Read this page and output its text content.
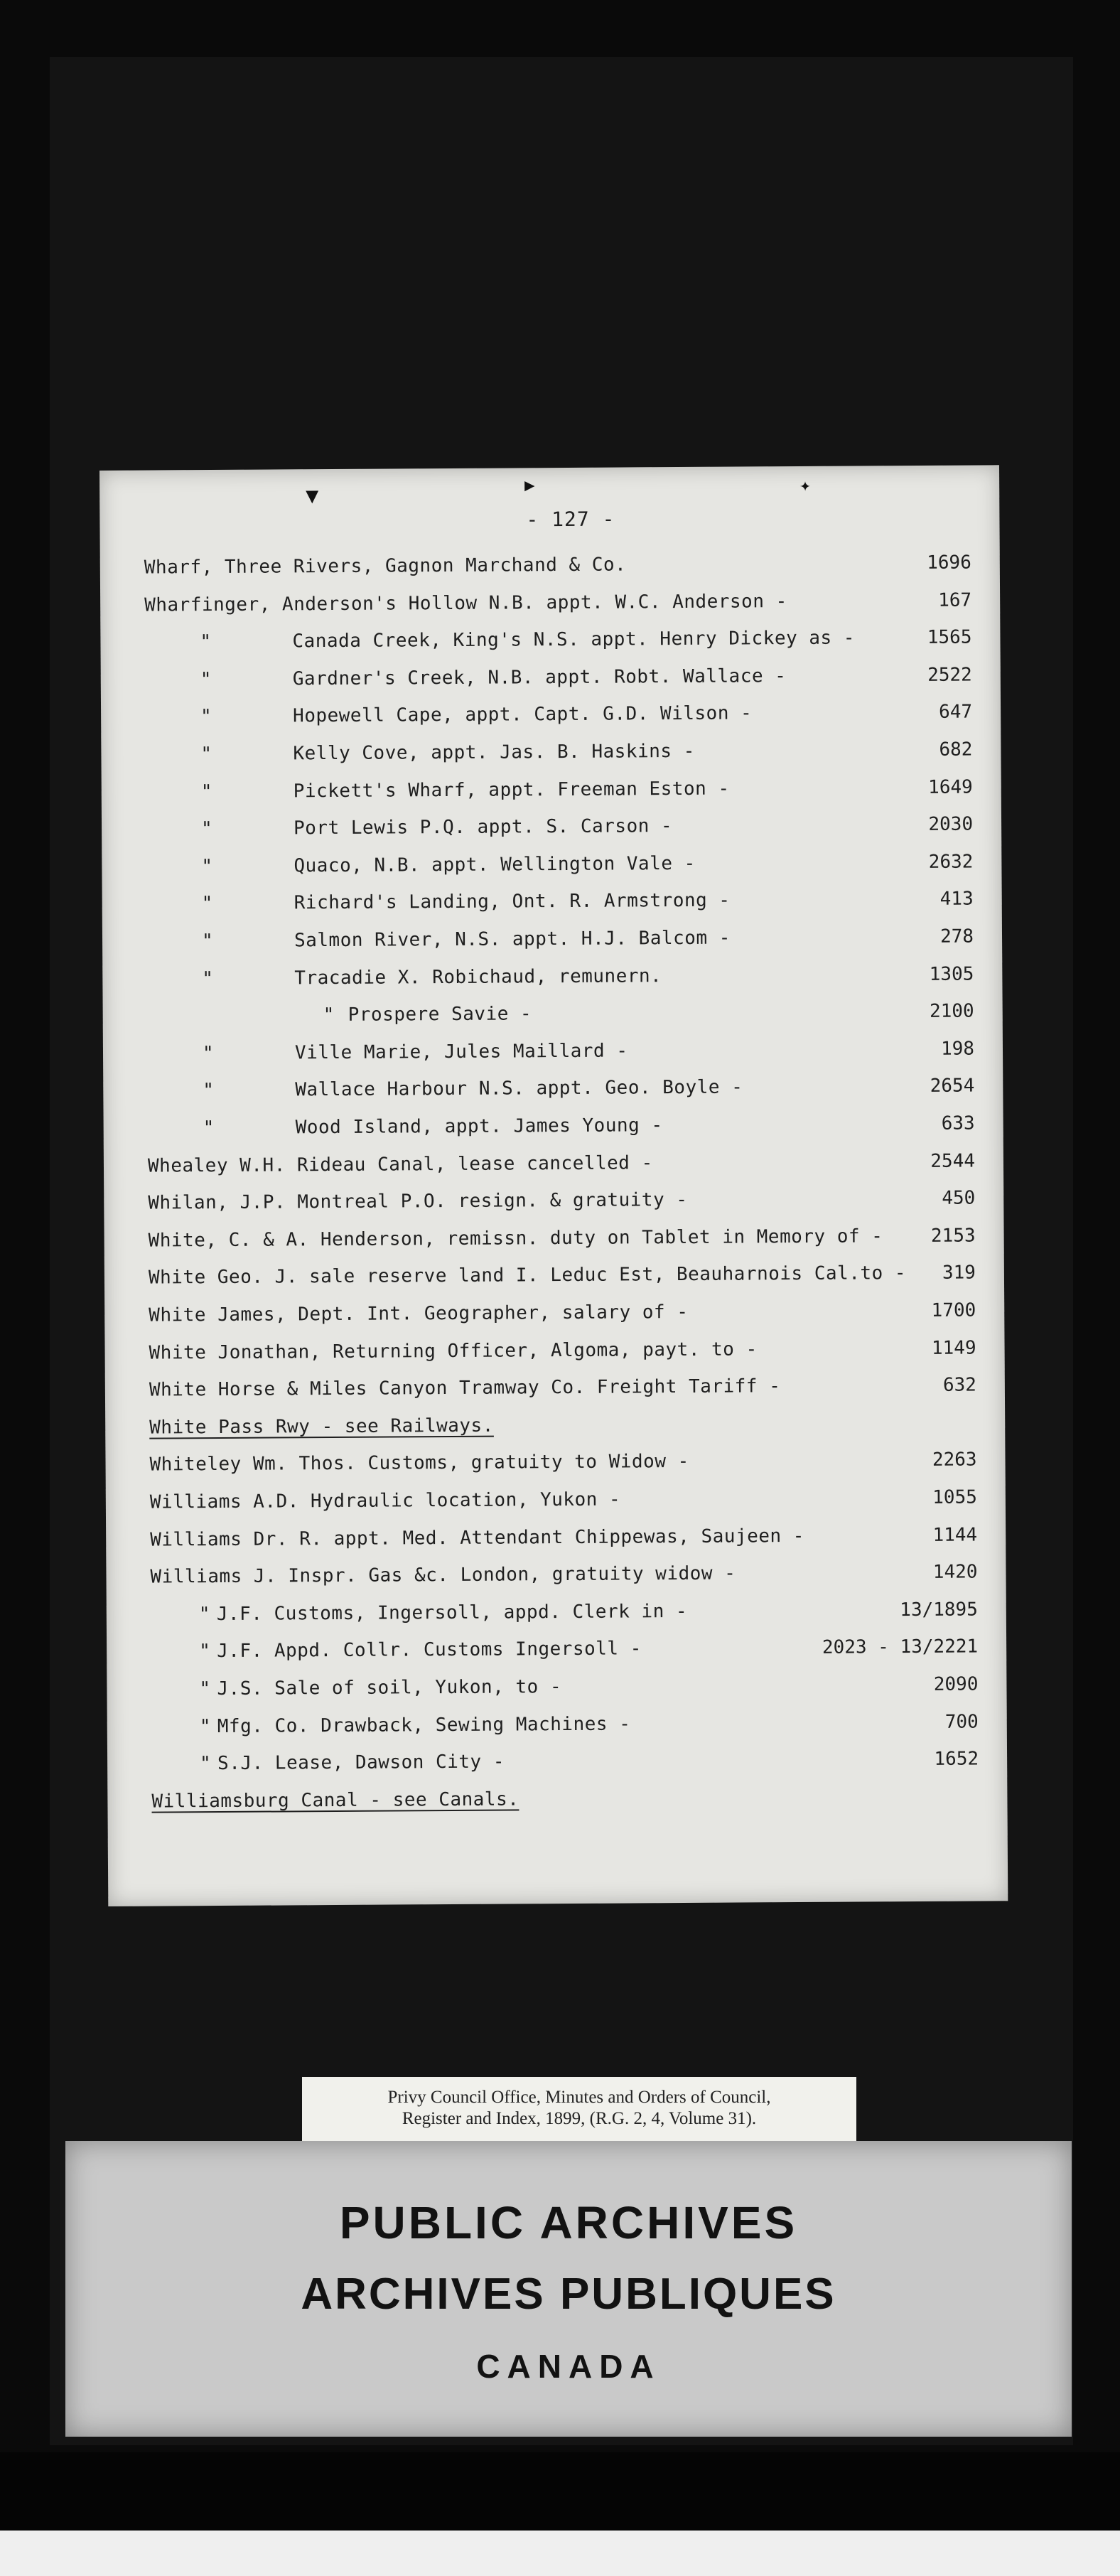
▼	▶	✦
- 127 -
Wharf, Three Rivers, Gagnon Marchand & Co.	1696
Wharfinger, Anderson's Hollow N.B. appt. W.C. Anderson -	167
"	Canada Creek, King's N.S. appt. Henry Dickey as -	1565
"	Gardner's Creek, N.B. appt. Robt. Wallace -	2522
"	Hopewell Cape, appt. Capt. G.D. Wilson -	647
"	Kelly Cove, appt. Jas. B. Haskins -	682
"	Pickett's Wharf, appt. Freeman Eston -	1649
"	Port Lewis P.Q. appt. S. Carson -	2030
"	Quaco, N.B. appt. Wellington Vale -	2632
"	Richard's Landing, Ont. R. Armstrong -	413
"	Salmon River, N.S. appt. H.J. Balcom -	278
"	Tracadie X. Robichaud, remunern.	1305
" Prospere Savie -	2100
"	Ville Marie, Jules Maillard -	198
"	Wallace Harbour N.S. appt. Geo. Boyle -	2654
"	Wood Island, appt. James Young -	633
Whealey W.H. Rideau Canal, lease cancelled -	2544
Whilan, J.P. Montreal P.O. resign. & gratuity -	450
White, C. & A. Henderson, remissn. duty on Tablet in Memory of -	2153
White Geo. J. sale reserve land I. Leduc Est, Beauharnois Cal.to - 319
White James, Dept. Int. Geographer, salary of -	1700
White Jonathan, Returning Officer, Algoma, payt. to -	1149
White Horse & Miles Canyon Tramway Co. Freight Tariff -	632
White Pass Rwy - see Railways.
Whiteley Wm. Thos. Customs, gratuity to Widow -	2263
Williams A.D. Hydraulic location, Yukon -	1055
Williams Dr. R. appt. Med. Attendant Chippewas, Saujeen -	1144
Williams J. Inspr. Gas &c. London, gratuity widow -	1420
" J.F. Customs, Ingersoll, appd. Clerk in -	13/1895
" J.F. Appd. Collr. Customs Ingersoll -	2023 - 13/2221
" J.S. Sale of soil, Yukon, to -	2090
" Mfg. Co. Drawback, Sewing Machines -	700
" S.J. Lease, Dawson City -	1652
Williamsburg Canal - see Canals.
Privy Council Office, Minutes and Orders of Council,
Register and Index, 1899, (R.G. 2, 4, Volume 31).
PUBLIC ARCHIVES
ARCHIVES PUBLIQUES
CANADA
